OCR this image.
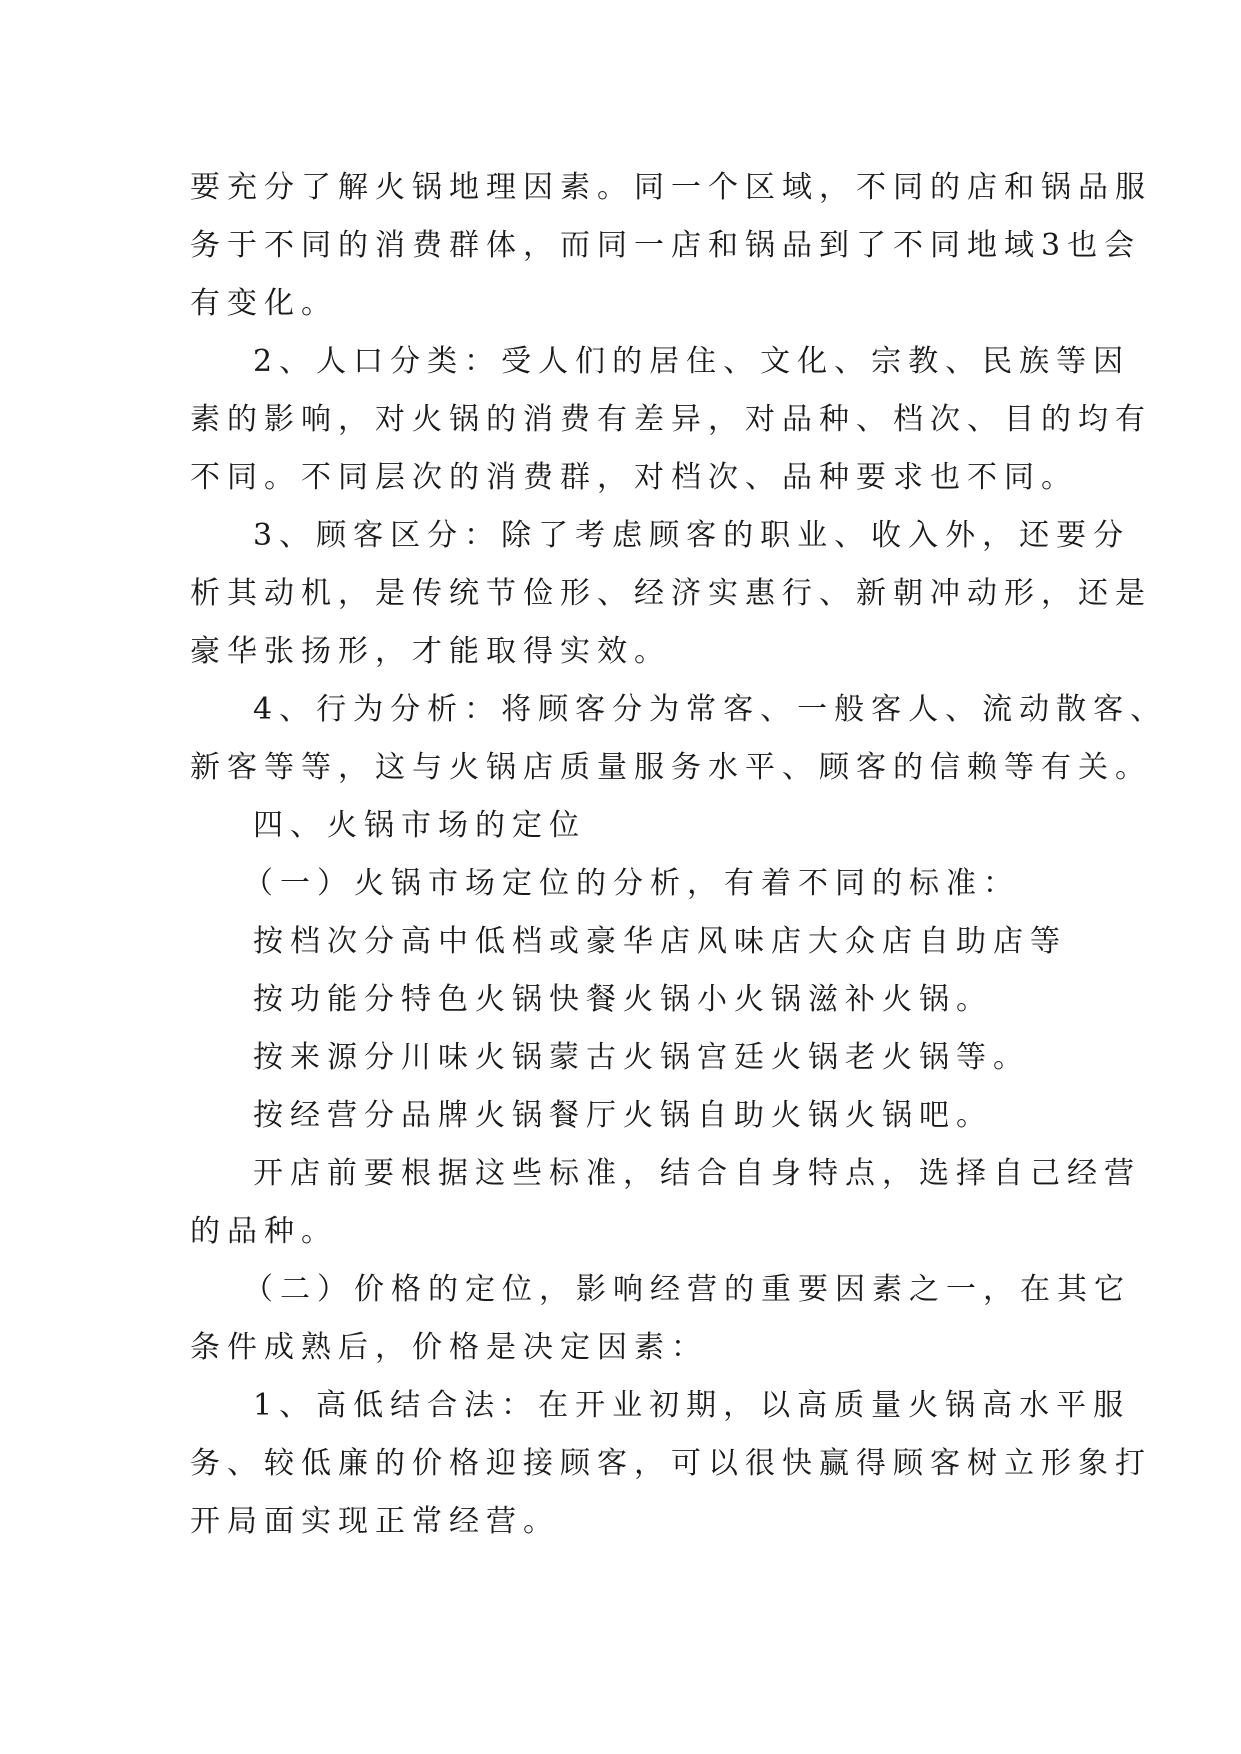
要充分了解火锅地理因素。同一个区域，不同的店和锅品服
务于不同的消费群体，而同一店和锅品到了不同地域3也会
有变化。
2、人口分类：受人们的居住、文化、宗教、民族等因
素的影响，对火锅的消费有差异，对品种、档次、目的均有
不同。不同层次的消费群，对档次、品种要求也不同。
3、顾客区分：除了考虑顾客的职业、收入外，还要分
析其动机，是传统节俭形、经济实惠行、新朝冲动形，还是
豪华张扬形，才能取得实效。
4、行为分析：将顾客分为常客、一般客人、流动散客、
新客等等，这与火锅店质量服务水平、顾客的信赖等有关。
四、火锅市场的定位
（一）火锅市场定位的分析，有着不同的标准：
按档次分高中低档或豪华店风味店大众店自助店等
按功能分特色火锅快餐火锅小火锅滋补火锅。
按来源分川味火锅蒙古火锅宫廷火锅老火锅等。
按经营分品牌火锅餐厅火锅自助火锅火锅吧。
开店前要根据这些标准，结合自身特点，选择自己经营
的品种。
（二）价格的定位，影响经营的重要因素之一，在其它
条件成熟后，价格是决定因素：
1、高低结合法：在开业初期，以高质量火锅高水平服
务、较低廉的价格迎接顾客，可以很快赢得顾客树立形象打
开局面实现正常经营。
